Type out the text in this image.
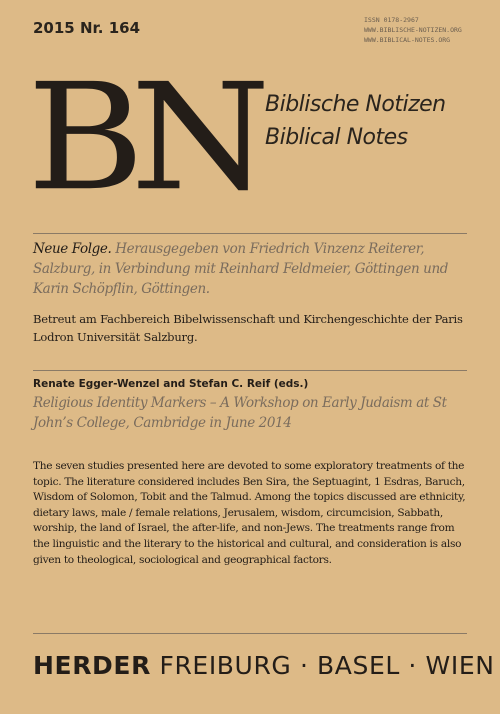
2015 Nr. 164	ISSN 0178-2967
WWW.BIBLISCHE-NOTIZEN.ORG
WWW.BIBLICAL-NOTES.ORG
BN Biblische Notizen
Biblical Notes
Neue Folge. Herausgegeben von Friedrich Vinzenz Reiterer, Salzburg, in Verbindung mit Reinhard Feldmeier, Göttingen und Karin Schöpflin, Göttingen.
Betreut am Fachbereich Bibelwissenschaft und Kirchengeschichte der Paris Lodron Universität Salzburg.
Renate Egger-Wenzel and Stefan C. Reif (eds.)
Religious Identity Markers – A Workshop on Early Judaism at St John’s College, Cambridge in June 2014
The seven studies presented here are devoted to some exploratory treatments of the topic. The literature considered includes Ben Sira, the Septuagint, 1 Esdras, Baruch, Wisdom of Solomon, Tobit and the Talmud. Among the topics discussed are ethnicity, dietary laws, male / female relations, Jerusalem, wisdom, circumcision, Sabbath, worship, the land of Israel, the after-life, and non-Jews. The treatments range from the linguistic and the literary to the historical and cultural, and consideration is also given to theological, sociological and geographical factors.
HERDER FREIBURG · BASEL · WIEN
